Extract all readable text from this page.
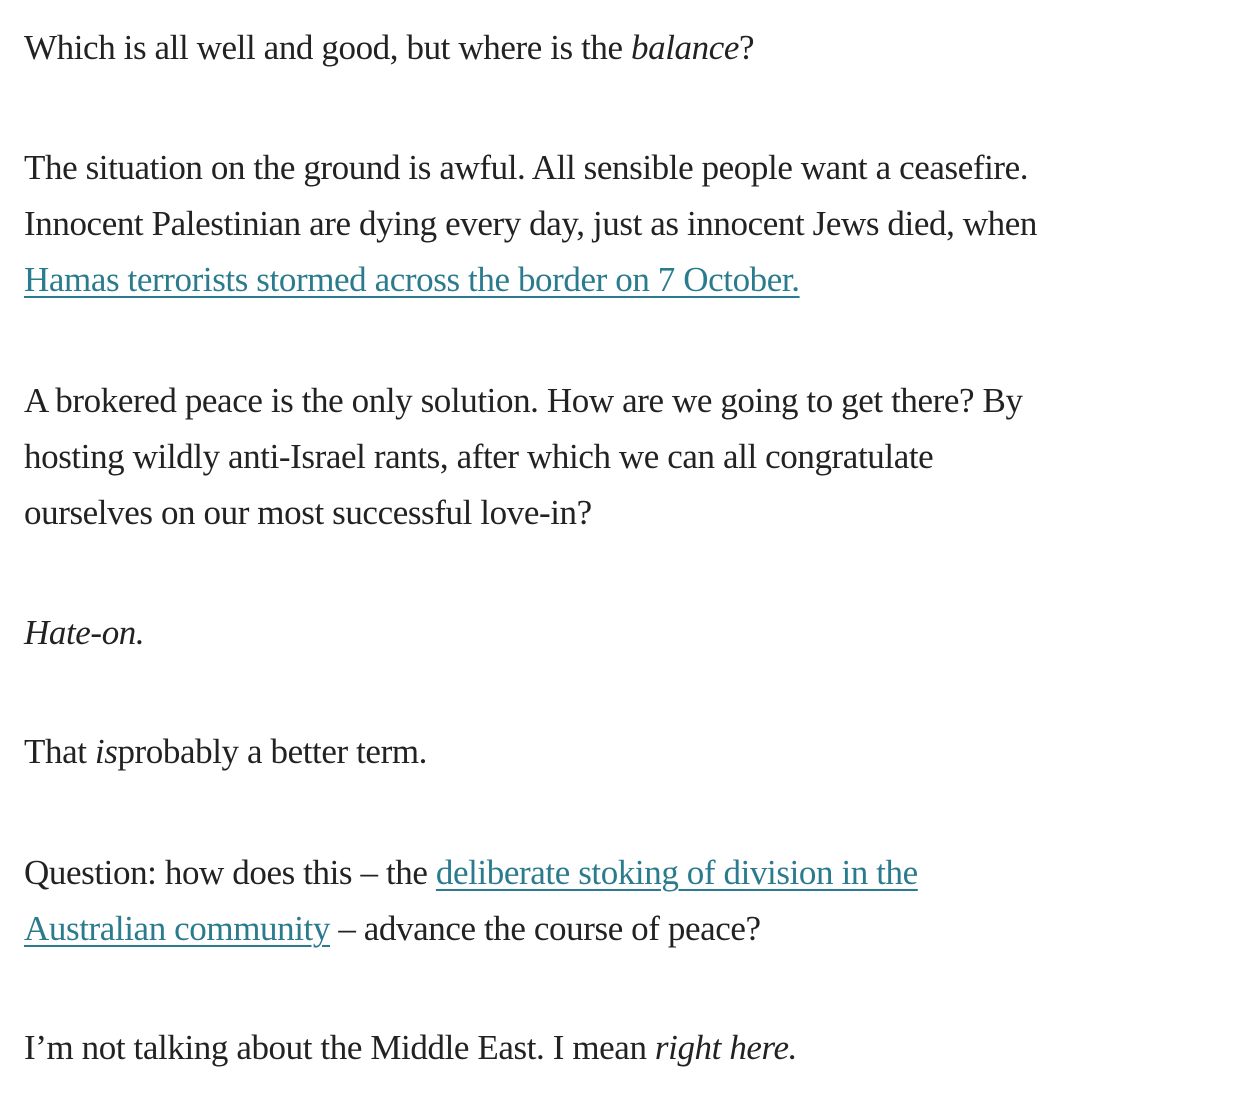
Which is all well and good, but where is the balance?

The situation on the ground is awful. All sensible people want a ceasefire.
Innocent Palestinian are dying every day, just as innocent Jews died, when
Hamas terrorists stormed across the border on 7 October.

A brokered peace is the only solution. How are we going to get there? By
hosting wildly anti-Israel rants, after which we can all congratulate
ourselves on our most successful love-in?

Hate-on.

That isprobably a better term.

Question: how does this – the deliberate stoking of division in the
Australian community – advance the course of peace?

I’m not talking about the Middle East. I mean right here.
